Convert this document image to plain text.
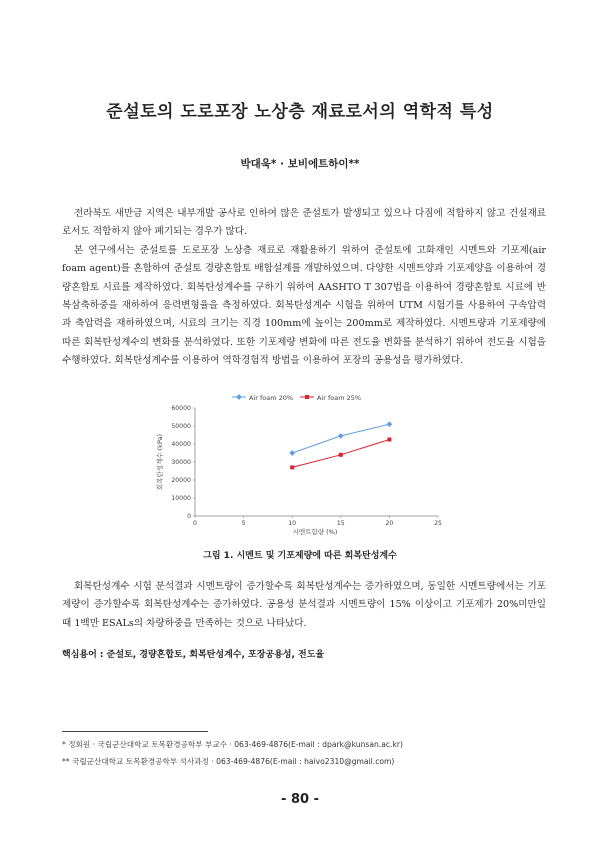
준설토의 도로포장 노상층 재료로서의 역학적 특성
박대욱* · 보비에트하이**

전라북도 새만금 지역은 내부개발 공사로 인하여 많은 준설토가 발생되고 있으나 다짐에 적합하지 않고 건설재료로서도 적합하지 않아 폐기되는 경우가 많다.

본 연구에서는 준설토를 도로포장 노상층 재료로 재활용하기 위하여 준설토에 고화재인 시멘트와 기포제(air foam agent)를 혼합하여 준설토 경량혼합토 배합설계를 개발하였으며. 다양한 시멘트양과 기포제양을 이용하여 경량혼합토 시료를 제작하였다. 회복탄성계수를 구하기 위하여 AASHTO T 307법을 이용하여 경량혼합토 시료에 반복삼축하중을 재하하여 응력변형율을 측정하였다. 회복탄성계수 시험을 위하여 UTM 시험기를 사용하여 구속압력과 축압력을 재하하였으며, 시료의 크기는 직경 100mm에 높이는 200mm로 제작하였다. 시멘트량과 기포제량에 따른 회복탄성계수의 변화를 분석하였다. 또한 기포제량 변화에 따른 전도율 변화를 분석하기 위하여 전도율 시험을 수행하였다. 회복탄성계수를 이용하여 역학경험적 방법을 이용하여 포장의 공용성을 평가하였다.

Air foam 20%	Air foam 25%
0
10000
20000
30000
40000
50000
60000
0	5	10	15	20	25
회복탄성계수 (kPa)
시멘트함량 (%)
그림 1. 시멘트 및 기포제량에 따른 회복탄성계수

회복탄성계수 시험 분석결과 시멘트량이 증가할수록 회복탄성계수는 증가하였으며, 동일한 시멘트량에서는 기포제량이 증가할수록 회복탄성계수는 증가하였다. 공용성 분석결과 시멘트량이 15% 이상이고 기포제가 20%미만일 때 1백만 ESALs의 차량하중을 만족하는 것으로 나타났다.

핵심용어 : 준설토, 경량혼합토, 회복탄성계수, 포장공용성, 전도율
* 정회원 · 국립군산대학교 토목환경공학부 부교수 · 063-469-4876(E-mail : dpark@kunsan.ac.kr)
** 국립군산대학교 토목환경공학부 석사과정 · 063-469-4876(E-mail : haivo2310@gmail.com)
- 80 -
